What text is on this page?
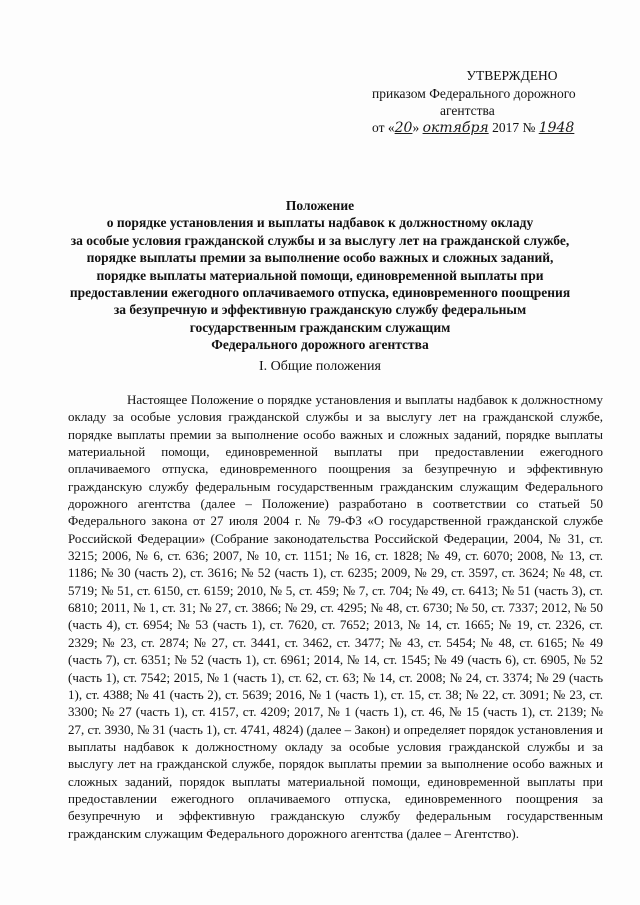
УТВЕРЖДЕНО
приказом Федерального дорожного
агентства
от «20» октября 2017 № 1948
Положение
о порядке установления и выплаты надбавок к должностному окладу
за особые условия гражданской службы и за выслугу лет на гражданской службе,
порядке выплаты премии за выполнение особо важных и сложных заданий,
порядке выплаты материальной помощи, единовременной выплаты при
предоставлении ежегодного оплачиваемого отпуска, единовременного поощрения
за безупречную и эффективную гражданскую службу федеральным
государственным гражданским служащим
Федерального дорожного агентства
I. Общие положения
Настоящее Положение о порядке установления и выплаты надбавок к должностному окладу за особые условия гражданской службы и за выслугу лет на гражданской службе, порядке выплаты премии за выполнение особо важных и сложных заданий, порядке выплаты материальной помощи, единовременной выплаты при предоставлении ежегодного оплачиваемого отпуска, единовременного поощрения за безупречную и эффективную гражданскую службу федеральным государственным гражданским служащим Федерального дорожного агентства (далее – Положение) разработано в соответствии со статьей 50 Федерального закона от 27 июля 2004 г. № 79-ФЗ «О государственной гражданской службе Российской Федерации» (Собрание законодательства Российской Федерации, 2004, № 31, ст. 3215; 2006, № 6, ст. 636; 2007, № 10, ст. 1151; № 16, ст. 1828; № 49, ст. 6070; 2008, № 13, ст. 1186; № 30 (часть 2), ст. 3616; № 52 (часть 1), ст. 6235; 2009, № 29, ст. 3597, ст. 3624; № 48, ст. 5719; № 51, ст. 6150, ст. 6159; 2010, № 5, ст. 459; № 7, ст. 704; № 49, ст. 6413; № 51 (часть 3), ст. 6810; 2011, № 1, ст. 31; № 27, ст. 3866; № 29, ст. 4295; № 48, ст. 6730; № 50, ст. 7337; 2012, № 50 (часть 4), ст. 6954; № 53 (часть 1), ст. 7620, ст. 7652; 2013, № 14, ст. 1665; № 19, ст. 2326, ст. 2329; № 23, ст. 2874; № 27, ст. 3441, ст. 3462, ст. 3477; № 43, ст. 5454; № 48, ст. 6165; № 49 (часть 7), ст. 6351; № 52 (часть 1), ст. 6961; 2014, № 14, ст. 1545; № 49 (часть 6), ст. 6905, № 52 (часть 1), ст. 7542; 2015, № 1 (часть 1), ст. 62, ст. 63; № 14, ст. 2008; № 24, ст. 3374; № 29 (часть 1), ст. 4388; № 41 (часть 2), ст. 5639; 2016, № 1 (часть 1), ст. 15, ст. 38; № 22, ст. 3091; № 23, ст. 3300; № 27 (часть 1), ст. 4157, ст. 4209; 2017, № 1 (часть 1), ст. 46, № 15 (часть 1), ст. 2139; № 27, ст. 3930, № 31 (часть 1), ст. 4741, 4824) (далее – Закон) и определяет порядок установления и выплаты надбавок к должностному окладу за особые условия гражданской службы и за выслугу лет на гражданской службе, порядок выплаты премии за выполнение особо важных и сложных заданий, порядок выплаты материальной помощи, единовременной выплаты при предоставлении ежегодного оплачиваемого отпуска, единовременного поощрения за безупречную и эффективную гражданскую службу федеральным государственным гражданским служащим Федерального дорожного агентства (далее – Агентство).
